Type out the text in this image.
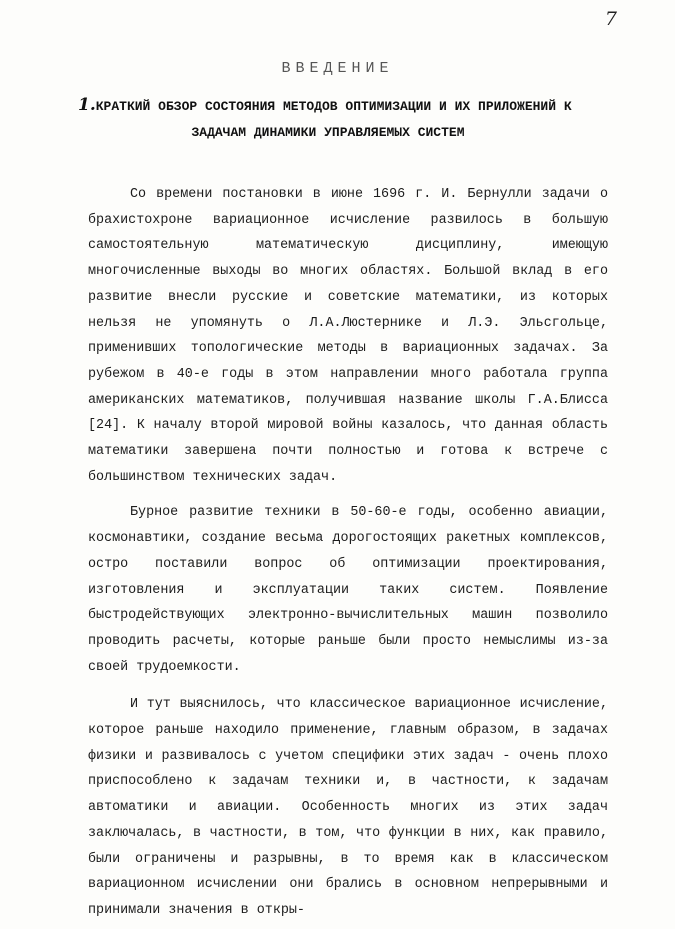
7
ВВЕДЕНИЕ
1.КРАТКИЙ ОБЗОР СОСТОЯНИЯ МЕТОДОВ ОПТИМИЗАЦИИ И ИХ ПРИЛОЖЕНИЙ К
ЗАДАЧАМ ДИНАМИКИ УПРАВЛЯЕМЫХ СИСТЕМ

Со времени постановки в июне 1696 г. И. Бернулли задачи о брахистохроне вариационное исчисление развилось в большую самостоятельную математическую дисциплину, имеющую многочисленные выходы во многих областях. Большой вклад в его развитие внесли русские и советские математики, из которых нельзя не упомянуть о Л.А.Люстернике и Л.Э. Эльсгольце, применивших топологические методы в вариационных задачах. За рубежом в 40-е годы в этом направлении много работала группа американских математиков, получившая название школы Г.А.Блисса [24]. К началу второй мировой войны казалось, что данная область математики завершена почти полностью и готова к встрече с большинством технических задач.

Бурное развитие техники в 50-60-е годы, особенно авиации, космонавтики, создание весьма дорогостоящих ракетных комплексов, остро поставили вопрос об оптимизации проектирования, изготовления и эксплуатации таких систем. Появление быстродействующих электронно-вычислительных машин позволило проводить расчеты, которые раньше были просто немыслимы из-за своей трудоемкости.

И тут выяснилось, что классическое вариационное исчисление, которое раньше находило применение, главным образом, в задачах физики и развивалось с учетом специфики этих задач - очень плохо приспособлено к задачам техники и, в частности, к задачам автоматики и авиации. Особенность многих из этих задач заключалась, в частности, в том, что функции в них, как правило, были ограничены и разрывны, в то время как в классическом вариационном исчислении они брались в основном непрерывными и принимали значения в откры-
